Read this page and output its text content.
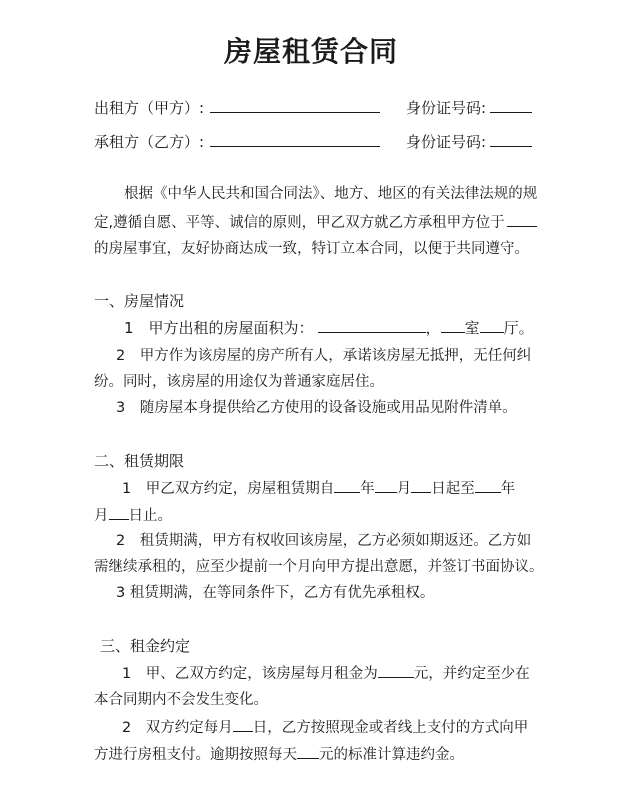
房屋租赁合同
出租方（甲方）:	身份证号码:
承租方（乙方）:	身份证号码:
根据《中华人民共和国合同法》、地方、地区的有关法律法规的规
定,遵循自愿、平等、诚信的原则，甲乙双方就乙方承租甲方位于
的房屋事宜，友好协商达成一致，特订立本合同，以便于共同遵守。
一、房屋情况
1　甲方出租的房屋面积为：	， 室 厅。
2　甲方作为该房屋的房产所有人，承诺该房屋无抵押，无任何纠
纷。同时，该房屋的用途仅为普通家庭居住。
3　随房屋本身提供给乙方使用的设备设施或用品见附件清单。
二、租赁期限
1　甲乙双方约定，房屋租赁期自 年 月 日起至 年
月 日止。
2　租赁期满，甲方有权收回该房屋，乙方必须如期返还。乙方如
需继续承租的，应至少提前一个月向甲方提出意愿，并签订书面协议。
3 租赁期满，在等同条件下，乙方有优先承租权。
三、租金约定
1　甲、乙双方约定，该房屋每月租金为 元，并约定至少在
本合同期内不会发生变化。
2　双方约定每月 日，乙方按照现金或者线上支付的方式向甲
方进行房租支付。逾期按照每天 元的标准计算违约金。
